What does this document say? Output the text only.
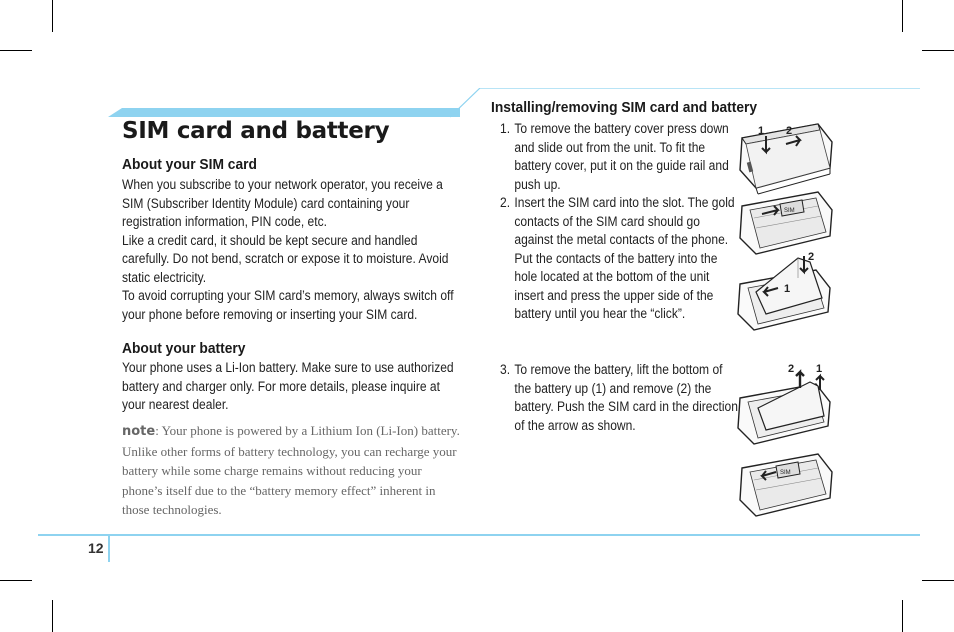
SIM card and battery
About your SIM card

When you subscribe to your network operator, you receive a SIM (Subscriber Identity Module) card containing your registration information, PIN code, etc.

Like a credit card, it should be kept secure and handled carefully. Do not bend, scratch or expose it to moisture. Avoid static electricity.

To avoid corrupting your SIM card’s memory, always switch off your phone before removing or inserting your SIM card.

About your battery

Your phone uses a Li-Ion battery. Make sure to use authorized battery and charger only. For more details, please inquire at your nearest dealer.

note: Your phone is powered by a Lithium Ion (Li-Ion) battery. Unlike other forms of battery technology, you can recharge your battery while some charge remains without reducing your phone’s itself due to the “battery memory effect” inherent in those technologies.
Installing/removing SIM card and battery
1. To remove the battery cover press down and slide out from the unit. To fit the battery cover, put it on the guide rail and push up.
2. Insert the SIM card into the slot. The gold contacts of the SIM card should go against the metal contacts of the phone. Put the contacts of the battery into the hole located at the bottom of the unit insert and press the upper side of the battery until you hear the “click”.
3. To remove the battery, lift the bottom of the battery up (1) and remove (2) the battery. Push the SIM card in the direction of the arrow as shown.
1 2
SIM
2
1
2 1
SIM
12
